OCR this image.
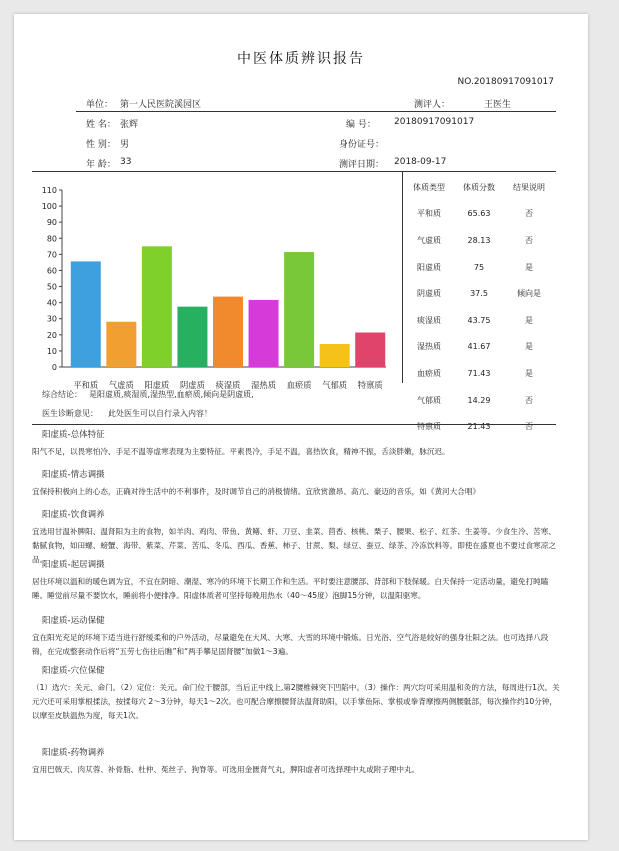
中医体质辨识报告
NO.20180917091017
单位： 第一人民医院溪园区	测评人：	王医生
姓 名： 张辉	编 号： 20180917091017
性 别： 男	身份证号：
年 龄： 33	测评日期： 2018-09-17
0
10
20
30
40
50
60
70
80
90
100
110
平和质 气虚质 阳虚质 阴虚质 痰湿质 湿热质 血瘀质 气郁质 特禀质
体质类型	体质分数	结果说明
平和质	65.63	否
气虚质	28.13	否
阳虚质	75	是
阴虚质	37.5	倾向是
痰湿质	43.75	是
湿热质	41.67	是
血瘀质	71.43	是
气郁质	14.29	否
特禀质	21.43	否
综合结论： 是阳虚质,痰湿质,湿热型,血瘀质,倾向是阴虚质,
医生诊断意见： 此处医生可以自行录入内容！
阳虚质-总体特征
阳气不足，以畏寒怕冷、手足不温等虚寒表现为主要特征。平素畏冷，手足不温，喜热饮食，精神不振，舌淡胖嫩，脉沉迟。
阳虚质-情志调摄
宜保持积极向上的心态，正确对待生活中的不利事件，及时调节自己的消极情绪。宜欣赏激昂、高亢、豪迈的音乐，如《黄河大合唱》
阳虚质-饮食调养
宜选用甘温补脾阳、温肾阳为主的食物，如羊肉、鸡肉、带鱼、黄鳝、虾、刀豆、韭菜、茴香、核桃、栗子、腰果、松子、红茶、生姜等。少食生冷、苦寒、黏腻食物，如田螺、螃蟹、海带、紫菜、芹菜、苦瓜、冬瓜、西瓜、香蕉、柿子、甘蔗、梨、绿豆、蚕豆、绿茶、冷冻饮料等。即使在盛夏也不要过食寒凉之品。
阳虚质-起居调摄
居住环境以温和的暖色调为宜，不宜在阴暗、潮湿、寒冷的环境下长期工作和生活。平时要注意腰部、背部和下肢保暖。白天保持一定活动量，避免打盹瞌睡。睡觉前尽量不要饮水，睡前将小便排净。阳虚体质者可坚持每晚用热水（40～45度）泡脚15分钟，以温阳驱寒。
阳虚质-运动保健
宜在阳光充足的环境下适当进行舒缓柔和的户外活动，尽量避免在大风、大寒、大雪的环境中锻炼。日光浴、空气浴是较好的强身壮阳之法。也可选择八段锦，在完成整套动作后将“五劳七伤往后瞧”和“两手攀足固肾腰”加做1～3遍。
阳虚质-穴位保健
（1）选穴：关元、命门。（2）定位：关元。命门位于腰部，当后正中线上,第2腰椎棘突下凹陷中。（3）操作：两穴均可采用温和灸的方法，每周进行1次。关元穴还可采用掌根揉法，按揉每穴 2～3分钟，每天1～2次。也可配合摩擦腰肾法温肾助阳，以手掌鱼际、掌根或拳背摩擦两侧腰骶部，每次操作约10分钟，以摩至皮肤温热为度，每天1次。
阳虚质-药物调养
宜用巴戟天、肉苁蓉、补骨脂、杜仲、菟丝子、狗脊等。可选用金匮肾气丸，脾阳虚者可选择理中丸或附子理中丸。
